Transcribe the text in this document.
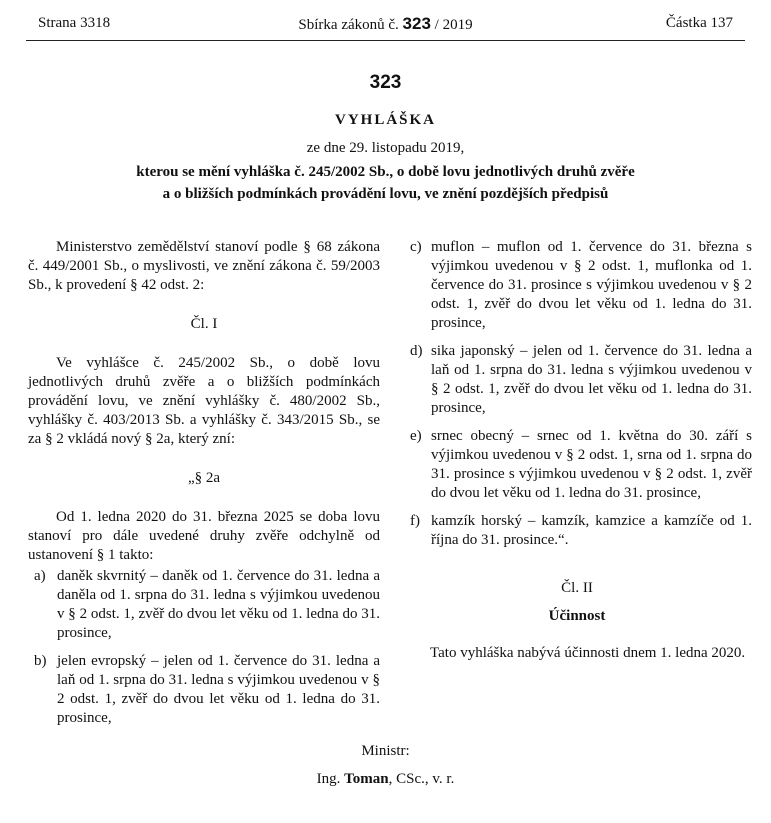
Strana 3318	Sbírka zákonů č. 323 / 2019	Částka 137
323
VYHLÁŠKA
ze dne 29. listopadu 2019,
kterou se mění vyhláška č. 245/2002 Sb., o době lovu jednotlivých druhů zvěře
a o bližších podmínkách provádění lovu, ve znění pozdějších předpisů

Ministerstvo zemědělství stanoví podle § 68 zákona č. 449/2001 Sb., o myslivosti, ve znění zákona č. 59/2003 Sb., k provedení § 42 odst. 2:

Čl. I

Ve vyhlášce č. 245/2002 Sb., o době lovu jednotlivých druhů zvěře a o bližších podmínkách provádění lovu, ve znění vyhlášky č. 480/2002 Sb., vyhlášky č. 403/2013 Sb. a vyhlášky č. 343/2015 Sb., se za § 2 vkládá nový § 2a, který zní:

„§ 2a

Od 1. ledna 2020 do 31. března 2025 se doba lovu stanoví pro dále uvedené druhy zvěře odchylně od ustanovení § 1 takto:

a) daněk skvrnitý – daněk od 1. července do 31. ledna a daněla od 1. srpna do 31. ledna s výjimkou uvedenou v § 2 odst. 1, zvěř do dvou let věku od 1. ledna do 31. prosince,
b) jelen evropský – jelen od 1. července do 31. ledna a laň od 1. srpna do 31. ledna s výjimkou uvedenou v § 2 odst. 1, zvěř do dvou let věku od 1. ledna do 31. prosince,
c) muflon – muflon od 1. července do 31. března s výjimkou uvedenou v § 2 odst. 1, muflonka od 1. července do 31. prosince s výjimkou uvedenou v § 2 odst. 1, zvěř do dvou let věku od 1. ledna do 31. prosince,
d) sika japonský – jelen od 1. července do 31. ledna a laň od 1. srpna do 31. ledna s výjimkou uvedenou v § 2 odst. 1, zvěř do dvou let věku od 1. ledna do 31. prosince,
e) srnec obecný – srnec od 1. května do 30. září s výjimkou uvedenou v § 2 odst. 1, srna od 1. srpna do 31. prosince s výjimkou uvedenou v § 2 odst. 1, zvěř do dvou let věku od 1. ledna do 31. prosince,
f) kamzík horský – kamzík, kamzice a kamzíče od 1. října do 31. prosince.“.

Čl. II

Účinnost

Tato vyhláška nabývá účinnosti dnem 1. ledna 2020.

Ministr:
Ing. Toman, CSc., v. r.
